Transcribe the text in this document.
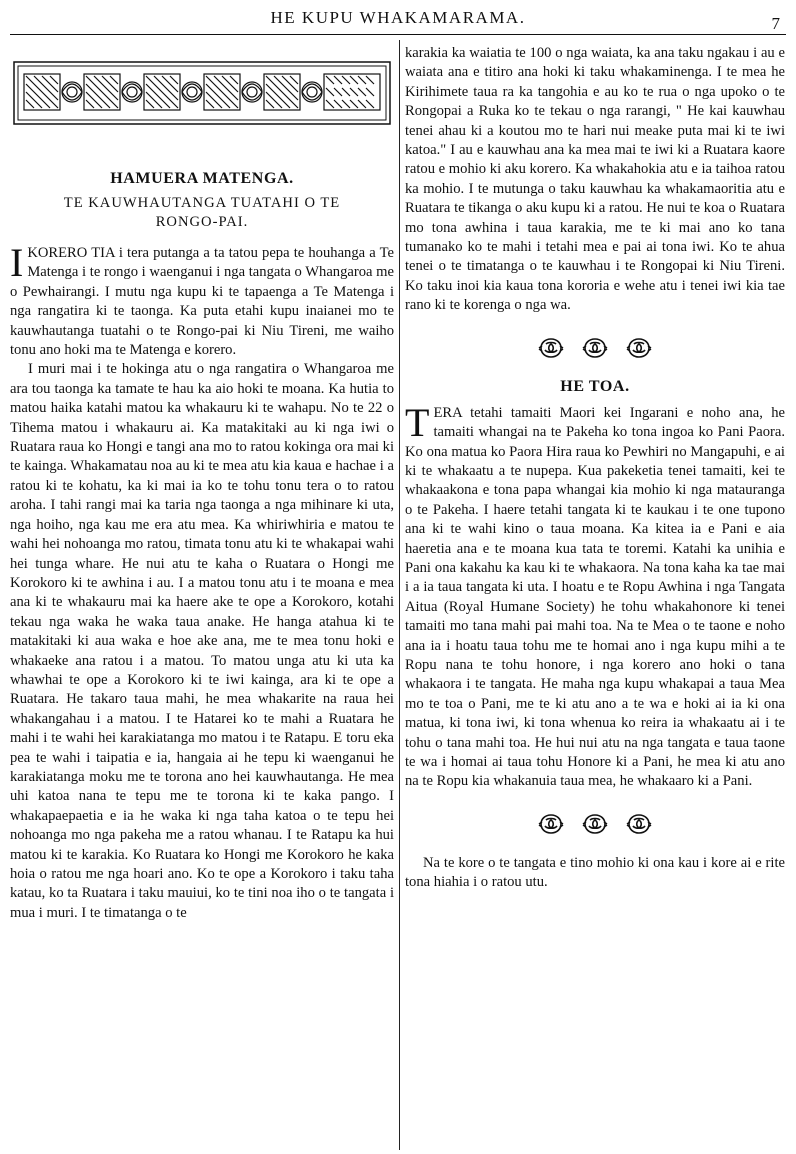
HE KUPU WHAKAMARAMA.	7
HAMUERA MATENGA.
TE KAUWHAUTANGA TUATAHI O TE RONGO-PAI.

IKORERO TIA i tera putanga a ta tatou pepa te houhanga a Te Matenga i te rongo i waenganui i nga tangata o Whangaroa me o Pewhairangi. I mutu nga kupu ki te tapaenga a Te Matenga i nga rangatira ki te taonga. Ka puta etahi kupu inaianei mo te kauwhautanga tuatahi o te Rongo-pai ki Niu Tireni, me waiho tonu ano hoki ma te Matenga e korero.

I muri mai i te hokinga atu o nga rangatira o Whangaroa me ara tou taonga ka tamate te hau ka aio hoki te moana. Ka hutia to matou haika katahi matou ka whakauru ki te wahapu. No te 22 o Tihema matou i whakauru ai. Ka matakitaki au ki nga iwi o Ruatara raua ko Hongi e tangi ana mo to ratou kokinga ora mai ki te kainga. Whakamatau noa au ki te mea atu kia kaua e hachae i a ratou ki te kohatu, ka ki mai ia ko te tohu tonu tera o to ratou aroha. I tahi rangi mai ka taria nga taonga a nga mihinare ki uta, nga hoiho, nga kau me era atu mea. Ka whiriwhiria e matou te wahi hei nohoanga mo ratou, timata tonu atu ki te whakapai wahi hei tunga whare. He nui atu te kaha o Ruatara o Hongi me Korokoro ki te awhina i au. I a matou tonu atu i te moana e mea ana ki te whakauru mai ka haere ake te ope a Korokoro, kotahi tekau nga waka he waka taua anake. He hanga atahua ki te matakitaki ki aua waka e hoe ake ana, me te mea tonu hoki e whakaeke ana ratou i a matou. To matou unga atu ki uta ka whawhai te ope a Korokoro ki te iwi kainga, ara ki te ope a Ruatara. He takaro taua mahi, he mea whakarite na raua hei whakangahau i a matou. I te Hatarei ko te mahi a Ruatara he mahi i te wahi hei karakiatanga mo matou i te Ratapu. E toru eka pea te wahi i taipatia e ia, hangaia ai he tepu ki waenganui he karakiatanga moku me te torona ano hei kauwhautanga. He mea uhi katoa nana te tepu me te torona ki te kaka pango. I whakapaepaetia e ia he waka ki nga taha katoa o te tepu hei nohoanga mo nga pakeha me a ratou whanau. I te Ratapu ka hui matou ki te karakia. Ko Ruatara ko Hongi me Korokoro he kaka hoia o ratou me nga hoari ano. Ko te ope a Korokoro i taku taha katau, ko ta Ruatara i taku mauiui, ko te tini noa iho o te tangata i mua i muri. I te timatanga o te

karakia ka waiatia te 100 o nga waiata, ka ana taku ngakau i au e waiata ana e titiro ana hoki ki taku whakaminenga. I te mea he Kirihimete taua ra ka tangohia e au ko te rua o nga upoko o te Rongopai a Ruka ko te tekau o nga rarangi, " He kai kauwhau tenei ahau ki a koutou mo te hari nui meake puta mai ki te iwi katoa." I au e kauwhau ana ka mea mai te iwi ki a Ruatara kaore ratou e mohio ki aku korero. Ka whakahokia atu e ia taihoa ratou ka mohio. I te mutunga o taku kauwhau ka whakamaoritia atu e Ruatara te tikanga o aku kupu ki a ratou. He nui te koa o Ruatara mo tona awhina i taua karakia, me te ki mai ano ko tana tumanako ko te mahi i tetahi mea e pai ai tona iwi. Ko te ahua tenei o te timatanga o te kauwhau i te Rongopai ki Niu Tireni. Ko taku inoi kia kaua tona kororia e wehe atu i tenei iwi kia tae rano ki te korenga o nga wa.

HE TOA.

TERA tetahi tamaiti Maori kei Ingarani e noho ana, he tamaiti whangai na te Pakeha ko tona ingoa ko Pani Paora. Ko ona matua ko Paora Hira raua ko Pewhiri no Mangapuhi, e ai ki te whakaatu a te nupepa. Kua pakeketia tenei tamaiti, kei te whakaakona e tona papa whangai kia mohio ki nga matauranga o te Pakeha. I haere tetahi tangata ki te kaukau i te one tupono ana ki te wahi kino o taua moana. Ka kitea ia e Pani e aia haeretia ana e te moana kua tata te toremi. Katahi ka unihia e Pani ona kakahu ka kau ki te whakaora. Na tona kaha ka tae mai i a ia taua tangata ki uta. I hoatu e te Ropu Awhina i nga Tangata Aitua (Royal Humane Society) he tohu whakahonore ki tenei tamaiti mo tana mahi pai mahi toa. Na te Mea o te taone e noho ana ia i hoatu taua tohu me te homai ano i nga kupu mihi a te Ropu nana te tohu honore, i nga korero ano hoki o tana whakaora i te tangata. He maha nga kupu whakapai a taua Mea mo te toa o Pani, me te ki atu ano a te wa e hoki ai ia ki ona matua, ki tona iwi, ki tona whenua ko reira ia whakaatu ai i te tohu o tana mahi toa. He hui nui atu na nga tangata e taua taone te wa i homai ai taua tohu Honore ki a Pani, he mea ki atu ano na te Ropu kia whakanuia taua mea, he whakaaro ki a Pani.

Na te kore o te tangata e tino mohio ki ona kau i kore ai e rite tona hiahia i o ratou utu.
